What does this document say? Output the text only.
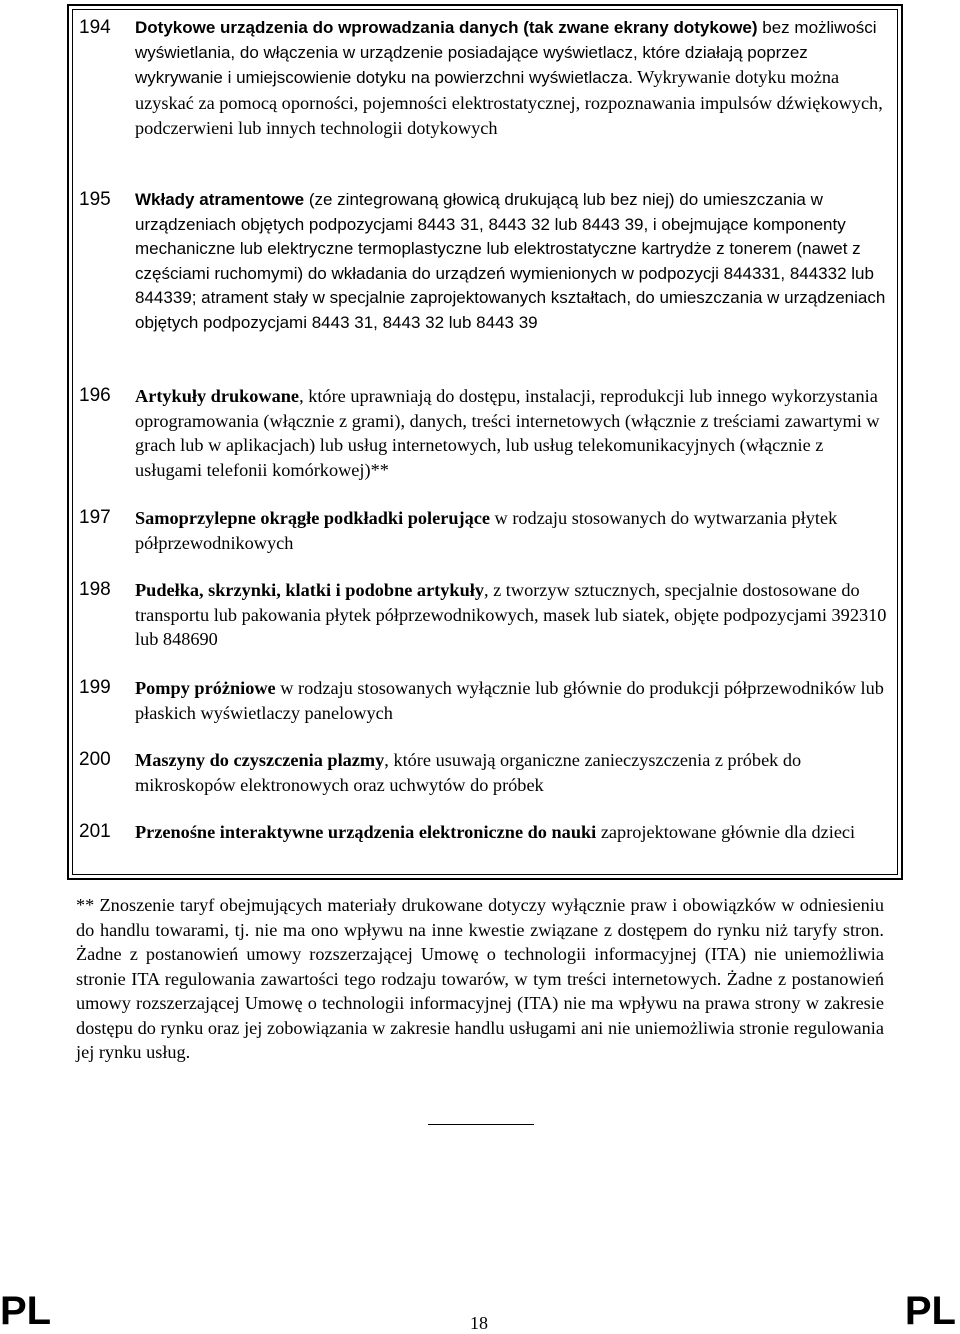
194 Dotykowe urządzenia do wprowadzania danych (tak zwane ekrany dotykowe) bez możliwości wyświetlania, do włączenia w urządzenie posiadające wyświetlacz, które działają poprzez wykrywanie i umiejscowienie dotyku na powierzchni wyświetlacza. Wykrywanie dotyku można uzyskać za pomocą oporności, pojemności elektrostatycznej, rozpoznawania impulsów dźwiękowych, podczerwieni lub innych technologii dotykowych
195 Wkłady atramentowe (ze zintegrowaną głowicą drukującą lub bez niej) do umieszczania w urządzeniach objętych podpozycjami 8443 31, 8443 32 lub 8443 39, i obejmujące komponenty mechaniczne lub elektryczne termoplastyczne lub elektrostatyczne kartrydże z tonerem (nawet z częściami ruchomymi) do wkładania do urządzeń wymienionych w podpozycji 844331, 844332 lub 844339; atrament stały w specjalnie zaprojektowanych kształtach, do umieszczania w urządzeniach objętych podpozycjami 8443 31, 8443 32 lub 8443 39
196 Artykuły drukowane, które uprawniają do dostępu, instalacji, reprodukcji lub innego wykorzystania oprogramowania (włącznie z grami), danych, treści internetowych (włącznie z treściami zawartymi w grach lub w aplikacjach) lub usług internetowych, lub usług telekomunikacyjnych (włącznie z usługami telefonii komórkowej)**
197 Samoprzylepne okrągłe podkładki polerujące w rodzaju stosowanych do wytwarzania płytek półprzewodnikowych
198 Pudełka, skrzynki, klatki i podobne artykuły, z tworzyw sztucznych, specjalnie dostosowane do transportu lub pakowania płytek półprzewodnikowych, masek lub siatek, objęte podpozycjami 392310 lub 848690
199 Pompy próżniowe w rodzaju stosowanych wyłącznie lub głównie do produkcji półprzewodników lub płaskich wyświetlaczy panelowych
200 Maszyny do czyszczenia plazmy, które usuwają organiczne zanieczyszczenia z próbek do mikroskopów elektronowych oraz uchwytów do próbek
201 Przenośne interaktywne urządzenia elektroniczne do nauki zaprojektowane głównie dla dzieci
** Znoszenie taryf obejmujących materiały drukowane dotyczy wyłącznie praw i obowiązków w odniesieniu do handlu towarami, tj. nie ma ono wpływu na inne kwestie związane z dostępem do rynku niż taryfy stron. Żadne z postanowień umowy rozszerzającej Umowę o technologii informacyjnej (ITA) nie uniemożliwia stronie ITA regulowania zawartości tego rodzaju towarów, w tym treści internetowych. Żadne z postanowień umowy rozszerzającej Umowę o technologii informacyjnej (ITA) nie ma wpływu na prawa strony w zakresie dostępu do rynku oraz jej zobowiązania w zakresie handlu usługami ani nie uniemożliwia stronie regulowania jej rynku usług.
PL	18	PL
